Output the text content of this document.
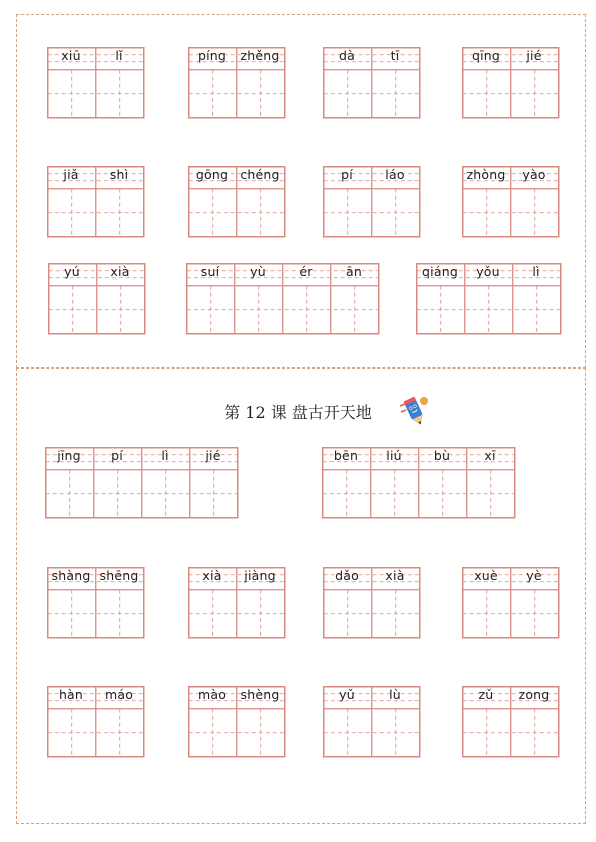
第 12 课 盘古开天地
xiū	lǐ	píng	zhěng	dà	tī	qīng	jié
jiǎ	shì	gōng chéng	pí	láo	zhòng	yào
yú	xià	suí	yù	ér	ān	qiáng	yǒu	lì
jīng	pí	lì	jié	bēn	liú	bù	xī
shàng shēng	xià	jiàng	dǎo	xià	xuè	yè
hàn	máo	mào	shèng	yǔ	lù	zǔ	zong
